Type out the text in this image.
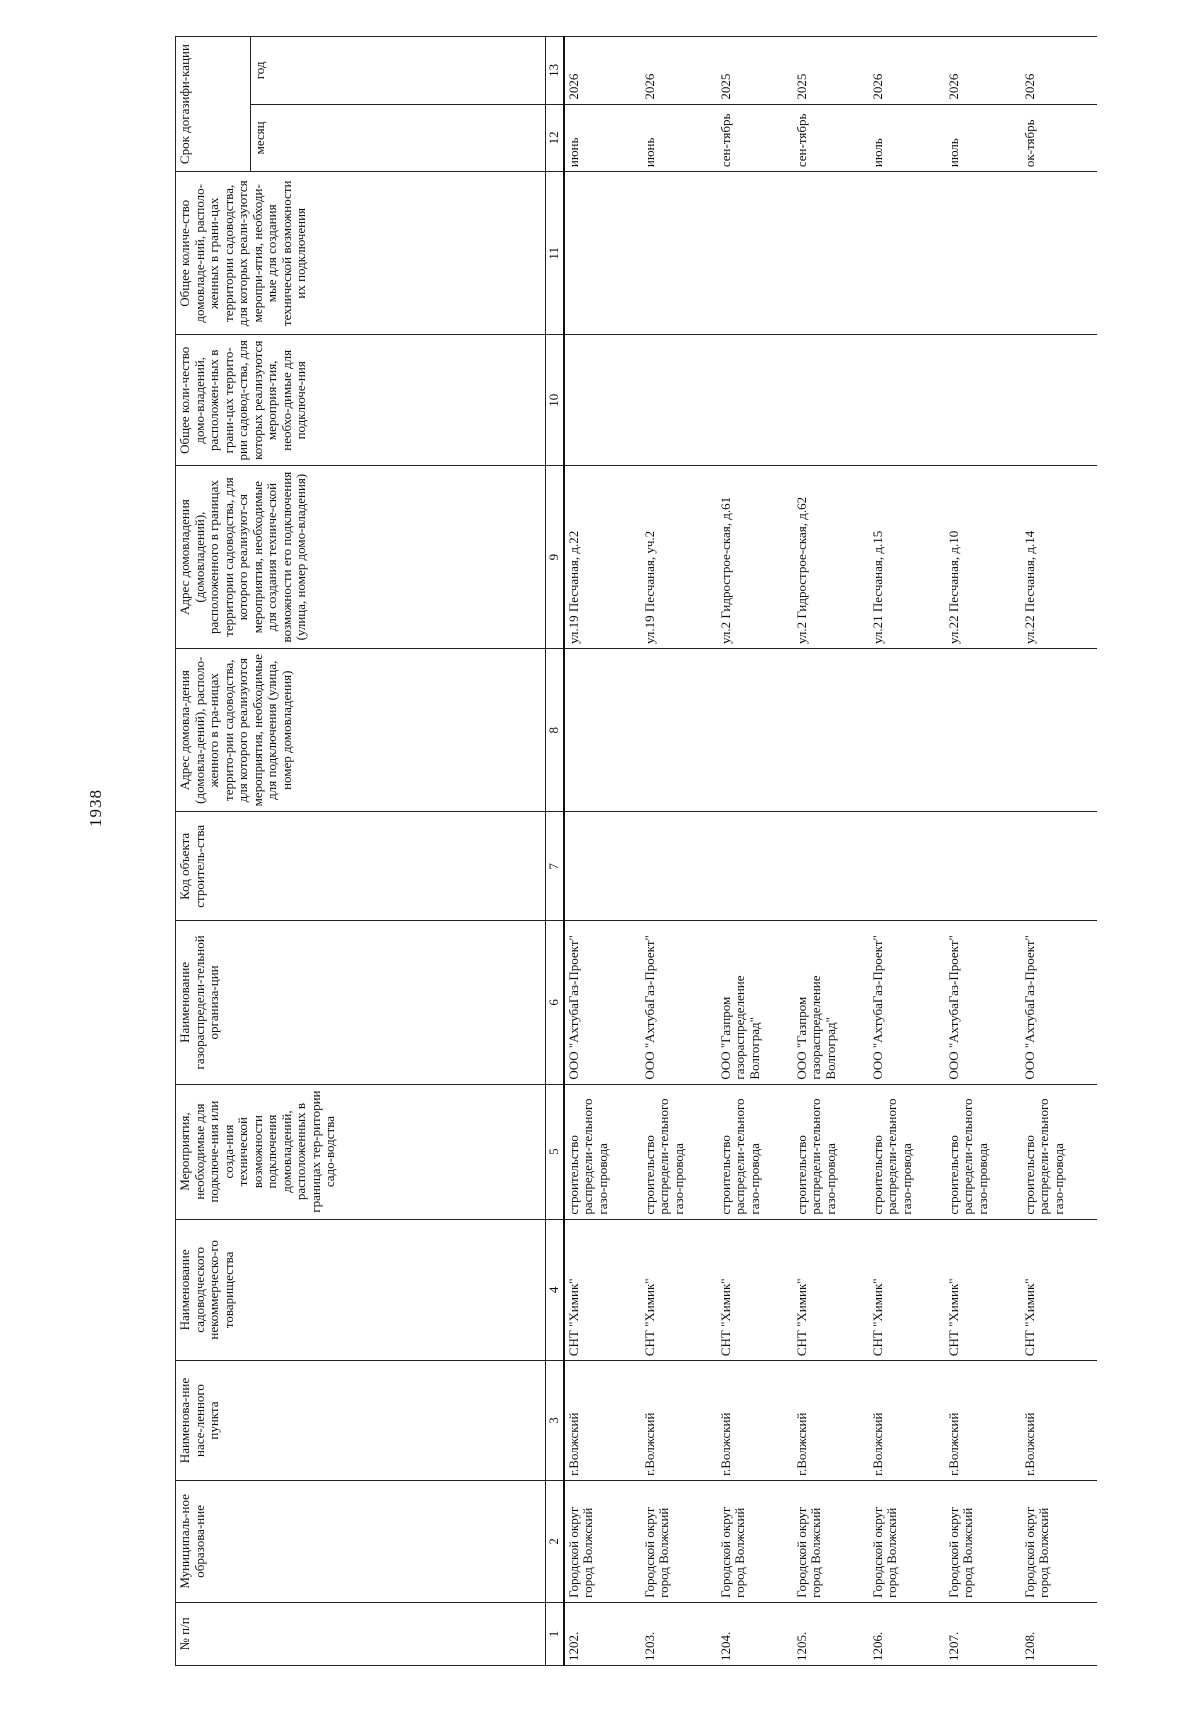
1938
№ п/п	Муниципаль-ное образова-ние	Наименова-ние насе-ленного пункта	Наименование садоводческого некоммерческо-го товарищества	Мероприятия, необходимые для подключе-ния или созда-ния технической возможности подключения домовладений, расположенных в границах тер-ритории садо-водства	Наименование газораспредели-тельной организа-ции	Код объекта строитель-ства	Адрес домовла-дения (домовла-дений), располо-женного в гра-ницах террито-рии садоводства, для которого реализуются мероприятия, необходимые для подключения (улица, номер домовладения)	Адрес домовладения (домовладений), расположенного в границах территории садоводства, для которого реализуют-ся мероприятия, необходимые для создания техниче-ской возможности его подключения (улица, номер домо-владения)	Общее коли-чество домо-владений, расположен-ных в грани-цах террито-рии садовод-ства, для которых реализуются мероприя-тия, необхо-димые для подключе-ния	Общее количе-ство домовладе-ний, располо-женных в грани-цах территории садоводства, для которых реали-зуются меропри-ятия, необходи-мые для создания технической возможности их подключения	Срок догазифи-кации	
											месяц	год
1	2	3	4	5	6	7	8	9	10	11	12	13
1202.	Городской округ город Волжский	г.Волжский	СНТ "Химик"	строительство распредели-тельного газо-провода	ООО "АхтубаГаз-Проект"			ул.19 Песчаная, д.22			июнь	2026
1203.	Городской округ город Волжский	г.Волжский	СНТ "Химик"	строительство распредели-тельного газо-провода	ООО "АхтубаГаз-Проект"			ул.19 Песчаная, уч.2			июнь	2026
1204.	Городской округ город Волжский	г.Волжский	СНТ "Химик"	строительство распредели-тельного газо-провода	ООО "Газпром газораспределение Волгоград"			ул.2 Гидрострое-ская, д.61			сен-тябрь	2025
1205.	Городской округ город Волжский	г.Волжский	СНТ "Химик"	строительство распредели-тельного газо-провода	ООО "Газпром газораспределение Волгоград"			ул.2 Гидрострое-ская, д.62			сен-тябрь	2025
1206.	Городской округ город Волжский	г.Волжский	СНТ "Химик"	строительство распредели-тельного газо-провода	ООО "АхтубаГаз-Проект"			ул.21 Песчаная, д.15			июль	2026
1207.	Городской округ город Волжский	г.Волжский	СНТ "Химик"	строительство распредели-тельного газо-провода	ООО "АхтубаГаз-Проект"			ул.22 Песчаная, д.10			июль	2026
1208.	Городской округ город Волжский	г.Волжский	СНТ "Химик"	строительство распредели-тельного газо-провода	ООО "АхтубаГаз-Проект"			ул.22 Песчаная, д.14			ок-тябрь	2026
